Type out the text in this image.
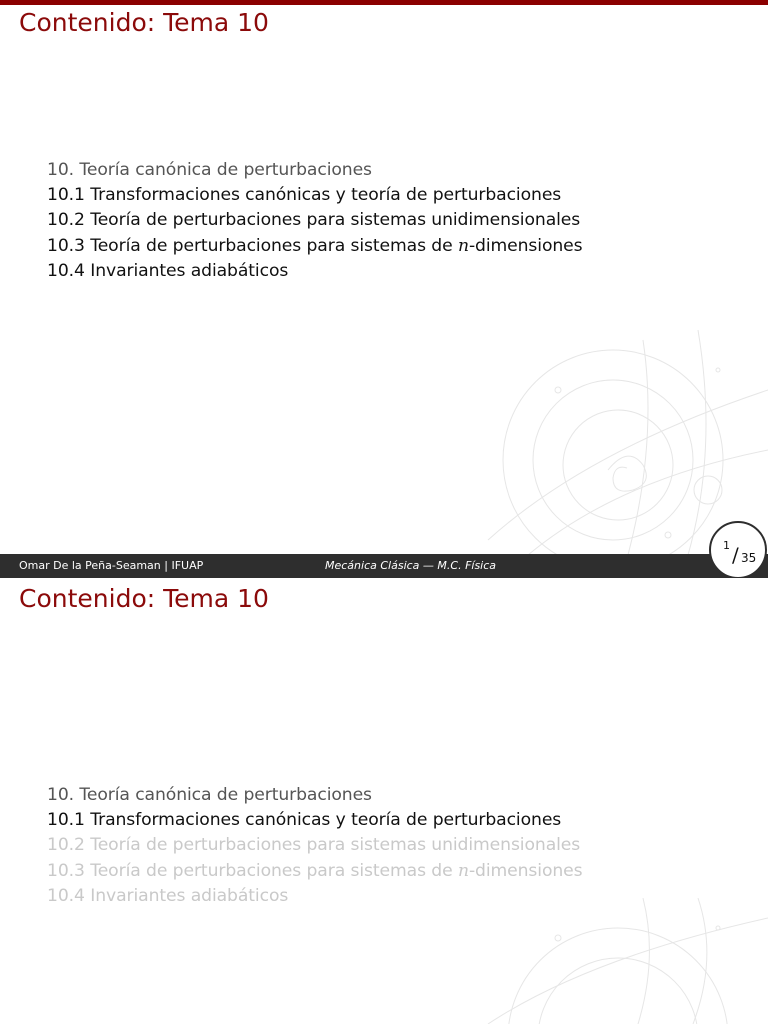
Contenido: Tema 10
10. Teoría canónica de perturbaciones
10.1 Transformaciones canónicas y teoría de perturbaciones
10.2 Teoría de perturbaciones para sistemas unidimensionales
10.3 Teoría de perturbaciones para sistemas de n-dimensiones
10.4 Invariantes adiabáticos
Omar De la Peña-Seaman | IFUAP	Mecánica Clásica — M.C. Física
1 / 35
Contenido: Tema 10
10. Teoría canónica de perturbaciones
10.1 Transformaciones canónicas y teoría de perturbaciones
10.2 Teoría de perturbaciones para sistemas unidimensionales
10.3 Teoría de perturbaciones para sistemas de n-dimensiones
10.4 Invariantes adiabáticos
